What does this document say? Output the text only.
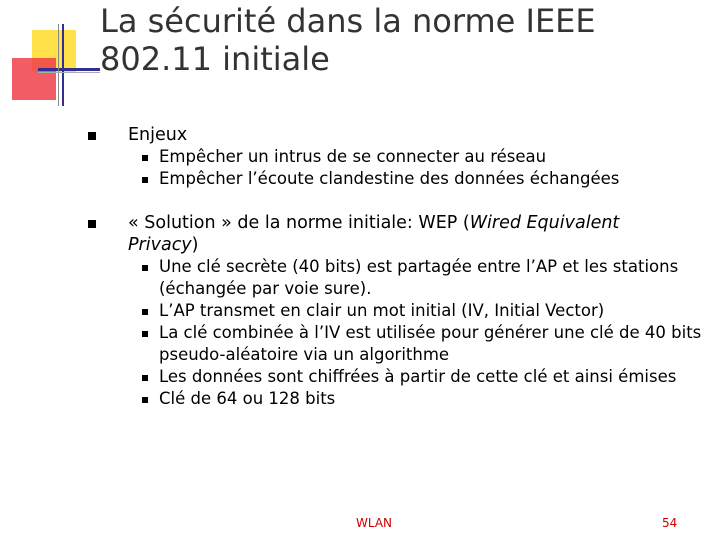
La sécurité dans la norme IEEE 802.11 initiale
Enjeux
Empêcher un intrus de se connecter au réseau
Empêcher l’écoute clandestine des données échangées
« Solution » de la norme initiale: WEP (Wired Equivalent Privacy)
Une clé secrète (40 bits) est partagée entre l’AP et les stations (échangée par voie sure).
L’AP transmet en clair un mot initial (IV, Initial Vector)
La clé combinée à l’IV est utilisée pour générer une clé de 40 bits pseudo-aléatoire via un algorithme
Les données sont chiffrées à partir de cette clé et ainsi émises
Clé de 64 ou 128 bits
WLAN	54
